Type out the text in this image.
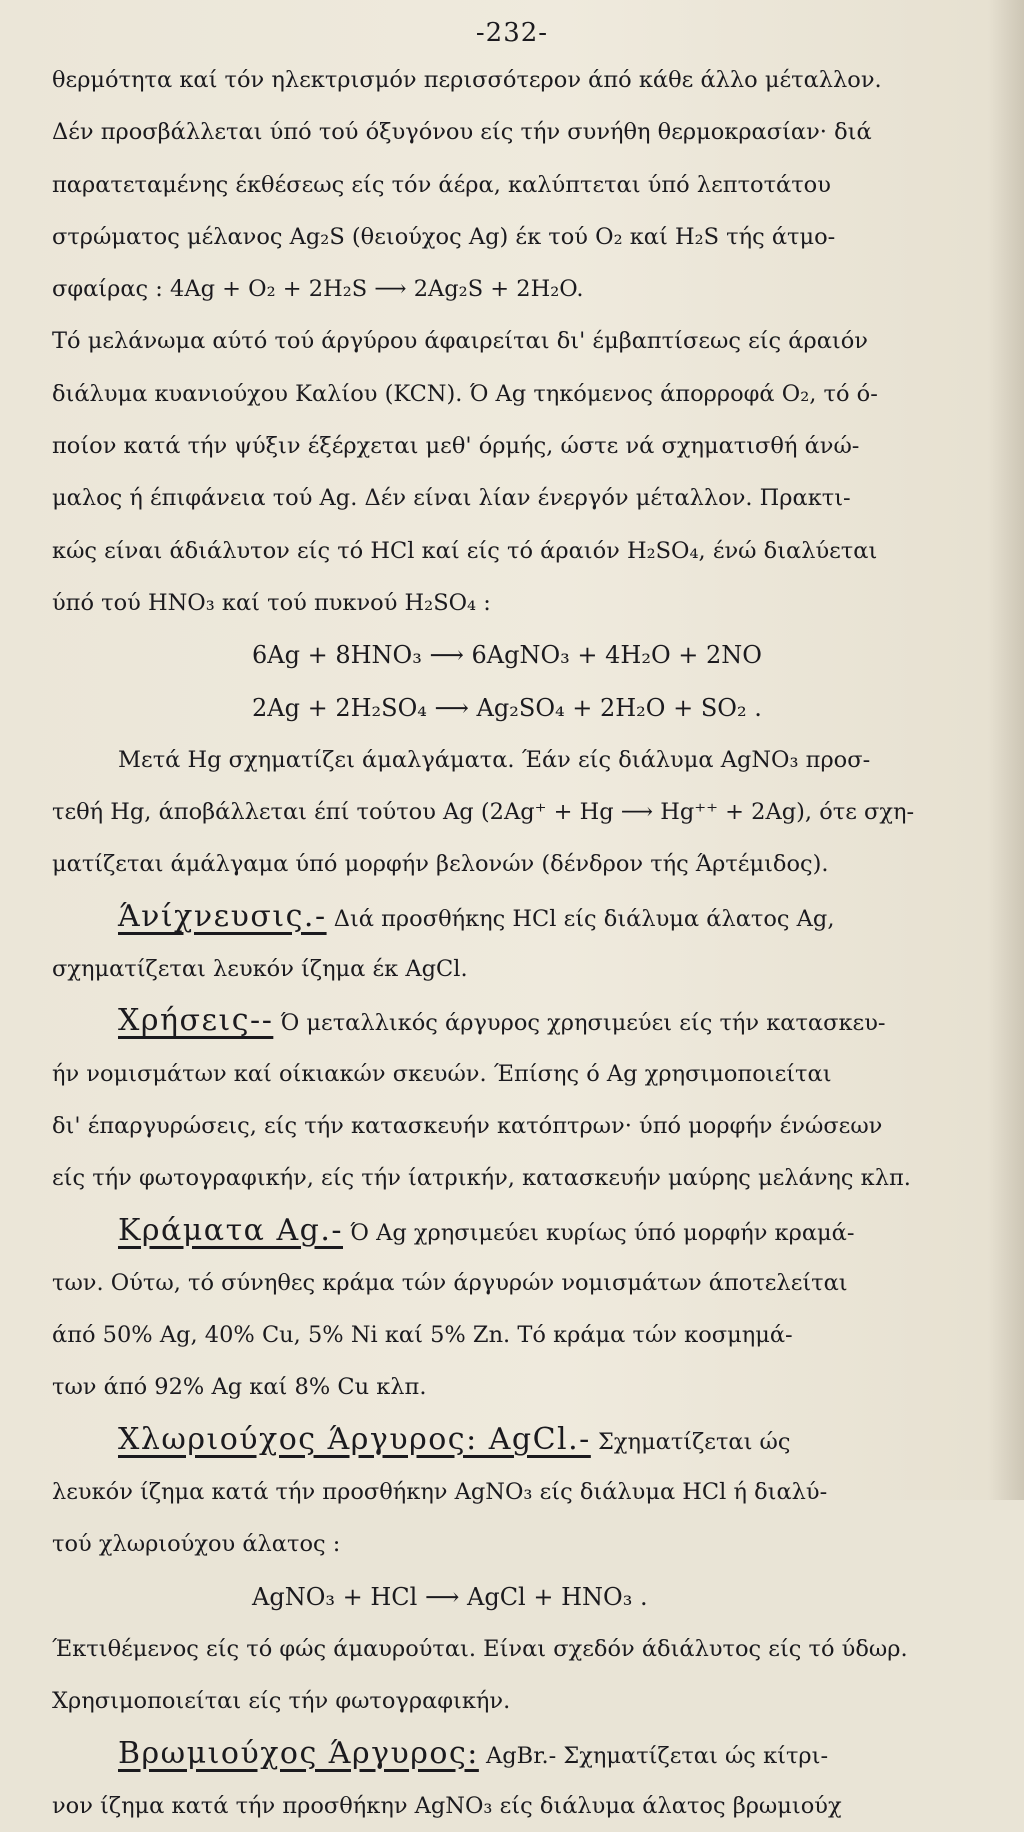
-232-
θερμότητα καί τόν ηλεκτρισμόν περισσότερον άπό κάθε άλλο μέταλλον.
Δέν προσβάλλεται ύπό τού όξυγόνου είς τήν συνήθη θερμοκρασίαν· διά
παρατεταμένης έκθέσεως είς τόν άέρα, καλύπτεται ύπό λεπτοτάτου
στρώματος μέλανος Ag₂S (θειούχος Ag) έκ τού O₂ καί H₂S τής άτμο-
σφαίρας : 4Ag + O₂ + 2H₂S ⟶ 2Ag₂S + 2H₂O.
Τό μελάνωμα αύτό τού άργύρου άφαιρείται δι' έμβαπτίσεως είς άραιόν
διάλυμα κυανιούχου Καλίου (KCN). Ό Ag τηκόμενος άπορροφά O₂, τό ό-
ποίον κατά τήν ψύξιν έξέρχεται μεθ' όρμής, ώστε νά σχηματισθή άνώ-
μαλος ή έπιφάνεια τού Ag. Δέν είναι λίαν ένεργόν μέταλλον. Πρακτι-
κώς είναι άδιάλυτον είς τό HCl καί είς τό άραιόν H₂SO₄, ένώ διαλύεται
ύπό τού HNO₃ καί τού πυκνού H₂SO₄ :
6Ag + 8HNO₃ ⟶ 6AgNO₃ + 4H₂O + 2NO
2Ag + 2H₂SO₄ ⟶ Ag₂SO₄ + 2H₂O + SO₂ .
Μετά Hg σχηματίζει άμαλγάματα. Έάν είς διάλυμα AgNO₃ προσ-
τεθή Hg, άποβάλλεται έπί τούτου Ag (2Ag⁺ + Hg ⟶ Hg⁺⁺ + 2Ag), ότε σχη-
ματίζεται άμάλγαμα ύπό μορφήν βελονών (δένδρον τής Άρτέμιδος).
Άνίχνευσις.- Διά προσθήκης HCl είς διάλυμα άλατος Ag,
σχηματίζεται λευκόν ίζημα έκ AgCl.
Χρήσεις-- Ό μεταλλικός άργυρος χρησιμεύει είς τήν κατασκευ-
ήν νομισμάτων καί οίκιακών σκευών. Έπίσης ό Ag χρησιμοποιείται
δι' έπαργυρώσεις, είς τήν κατασκευήν κατόπτρων· ύπό μορφήν ένώσεων
είς τήν φωτογραφικήν, είς τήν ίατρικήν, κατασκευήν μαύρης μελάνης κλπ.
Κράματα Ag.- Ό Ag χρησιμεύει κυρίως ύπό μορφήν κραμά-
των. Ούτω, τό σύνηθες κράμα τών άργυρών νομισμάτων άποτελείται
άπό 50% Ag, 40% Cu, 5% Ni καί 5% Zn. Τό κράμα τών κοσμημά-
των άπό 92% Ag καί 8% Cu κλπ.
Χλωριούχος Άργυρος: AgCl.- Σχηματίζεται ώς
λευκόν ίζημα κατά τήν προσθήκην AgNO₃ είς διάλυμα HCl ή διαλύ-
τού χλωριούχου άλατος :
AgNO₃ + HCl ⟶ AgCl + HNO₃ .
Έκτιθέμενος είς τό φώς άμαυρούται. Είναι σχεδόν άδιάλυτος είς τό ύδωρ.
Χρησιμοποιείται είς τήν φωτογραφικήν.
Βρωμιούχος Άργυρος: AgBr.- Σχηματίζεται ώς κίτρι-
νον ίζημα κατά τήν προσθήκην AgNO₃ είς διάλυμα άλατος βρωμιούχ
